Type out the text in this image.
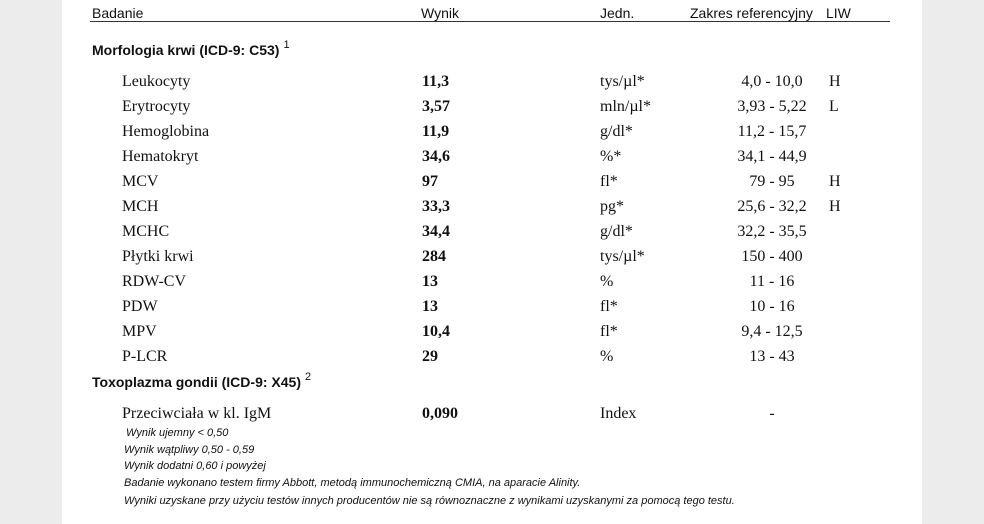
Badanie	Wynik	Jedn.	Zakres referencyjny LIW
Morfologia krwi (ICD-9: C53) $^1$
Leukocyty	11,3	tys/µl*	4,0 - 10,0	H
Erytrocyty	3,57	mln/µl*	3,93 - 5,22	L
Hemoglobina	11,9	g/dl*	11,2 - 15,7
Hematokryt	34,6	%*	34,1 - 44,9
MCV	97	fl*	79 - 95	H
MCH	33,3	pg*	25,6 - 32,2	H
MCHC	34,4	g/dl*	32,2 - 35,5
Płytki krwi	284	tys/µl*	150 - 400
RDW-CV	13	%	11 - 16
PDW	13	fl*	10 - 16
MPV	10,4	fl*	9,4 - 12,5
P-LCR	29	%	13 - 43
Toxoplazma gondii (ICD-9: X45) $^2$
Przeciwciała w kl. IgM	0,090	Index	-
Wynik ujemny < 0,50
Wynik wątpliwy 0,50 - 0,59
Wynik dodatni 0,60 i powyżej
Badanie wykonano testem firmy Abbott, metodą immunochemiczną CMIA, na aparacie Alinity.
Wyniki uzyskane przy użyciu testów innych producentów nie są równoznaczne z wynikami uzyskanymi za pomocą tego testu.
